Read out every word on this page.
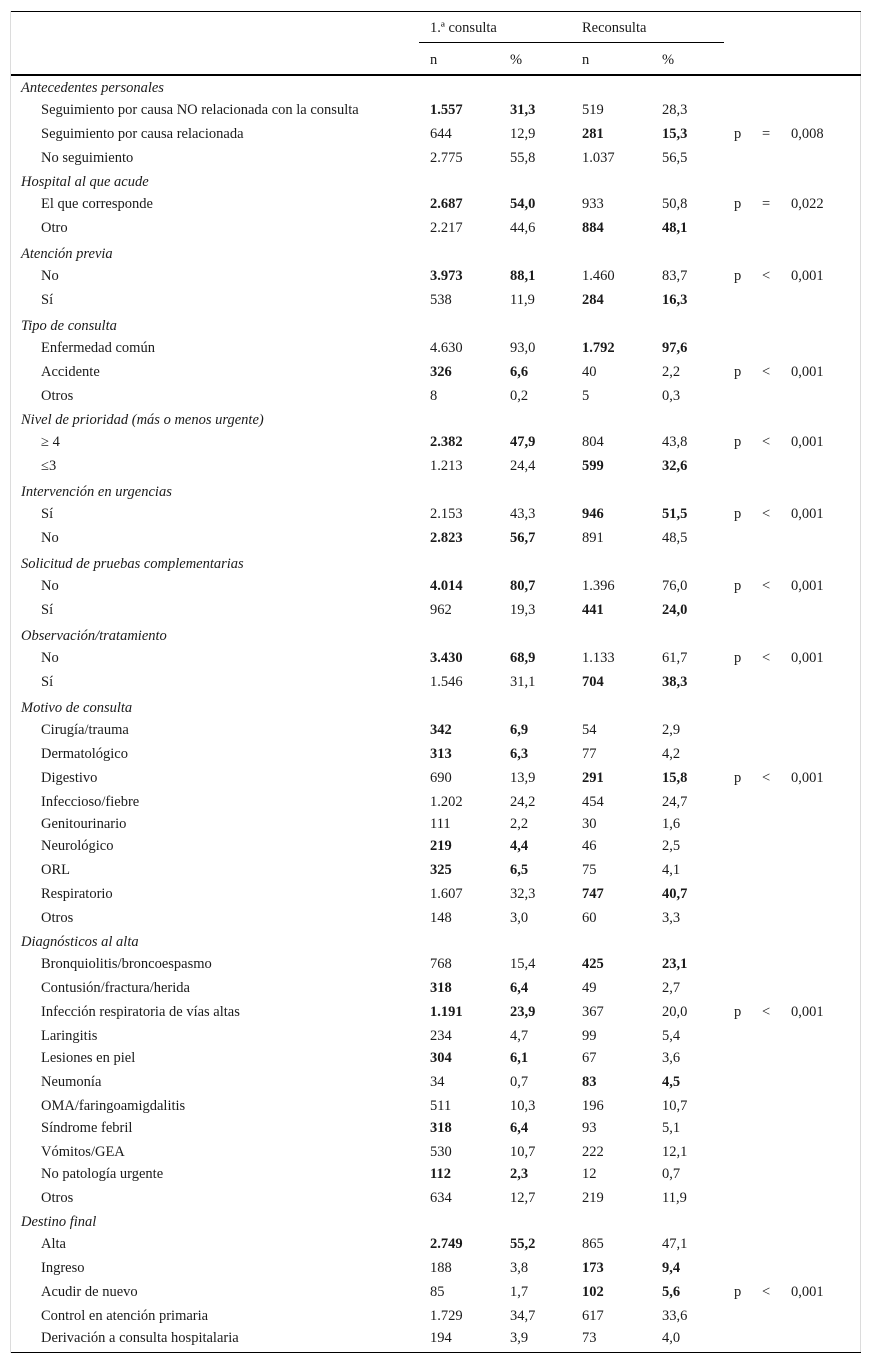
1.ª consulta	Reconsulta
n	%	n	%
Antecedentes personales
Seguimiento por causa NO relacionada con la consulta	1.557	31,3	519	28,3
Seguimiento por causa relacionada	644	12,9	281	15,3	p = 0,008
No seguimiento	2.775	55,8	1.037	56,5
Hospital al que acude
El que corresponde	2.687	54,0	933	50,8	p = 0,022
Otro	2.217	44,6	884	48,1
Atención previa
No	3.973	88,1	1.460	83,7	p < 0,001
Sí	538	11,9	284	16,3
Tipo de consulta
Enfermedad común	4.630	93,0	1.792	97,6
Accidente	326	6,6	40	2,2	p < 0,001
Otros	8	0,2	5	0,3
Nivel de prioridad (más o menos urgente)
≥ 4	2.382	47,9	804	43,8	p < 0,001
≤3	1.213	24,4	599	32,6
Intervención en urgencias
Sí	2.153	43,3	946	51,5	p < 0,001
No	2.823	56,7	891	48,5
Solicitud de pruebas complementarias
No	4.014	80,7	1.396	76,0	p < 0,001
Sí	962	19,3	441	24,0
Observación/tratamiento
No	3.430	68,9	1.133	61,7	p < 0,001
Sí	1.546	31,1	704	38,3
Motivo de consulta
Cirugía/trauma	342	6,9	54	2,9
Dermatológico	313	6,3	77	4,2
Digestivo	690	13,9	291	15,8	p < 0,001
Infeccioso/fiebre	1.202	24,2	454	24,7
Genitourinario	111	2,2	30	1,6
Neurológico	219	4,4	46	2,5
ORL	325	6,5	75	4,1
Respiratorio	1.607	32,3	747	40,7
Otros	148	3,0	60	3,3
Diagnósticos al alta
Bronquiolitis/broncoespasmo	768	15,4	425	23,1
Contusión/fractura/herida	318	6,4	49	2,7
Infección respiratoria de vías altas	1.191	23,9	367	20,0	p < 0,001
Laringitis	234	4,7	99	5,4
Lesiones en piel	304	6,1	67	3,6
Neumonía	34	0,7	83	4,5
OMA/faringoamigdalitis	511	10,3	196	10,7
Síndrome febril	318	6,4	93	5,1
Vómitos/GEA	530	10,7	222	12,1
No patología urgente	112	2,3	12	0,7
Otros	634	12,7	219	11,9
Destino final
Alta	2.749	55,2	865	47,1
Ingreso	188	3,8	173	9,4
Acudir de nuevo	85	1,7	102	5,6	p < 0,001
Control en atención primaria	1.729	34,7	617	33,6
Derivación a consulta hospitalaria	194	3,9	73	4,0
